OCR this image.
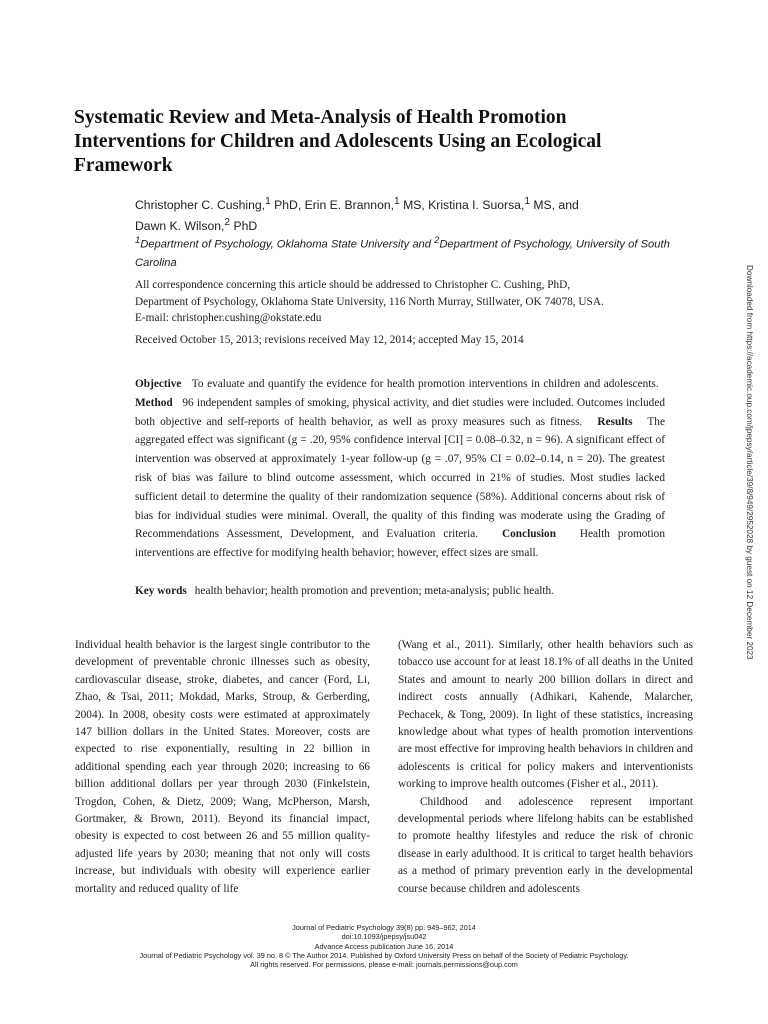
Systematic Review and Meta-Analysis of Health Promotion Interventions for Children and Adolescents Using an Ecological Framework
Christopher C. Cushing,$^1$ PhD, Erin E. Brannon,$^1$ MS, Kristina I. Suorsa,$^1$ MS, and
Dawn K. Wilson,$^2$ PhD
$^1$Department of Psychology, Oklahoma State University and $^2$Department of Psychology, University of South Carolina
All correspondence concerning this article should be addressed to Christopher C. Cushing, PhD,
Department of Psychology, Oklahoma State University, 116 North Murray, Stillwater, OK 74078, USA.
E-mail: christopher.cushing@okstate.edu
Received October 15, 2013; revisions received May 12, 2014; accepted May 15, 2014

Objective To evaluate and quantify the evidence for health promotion interventions in children and adolescents.   Method 96 independent samples of smoking, physical activity, and diet studies were included. Outcomes included both objective and self-reports of health behavior, as well as proxy measures such as fitness. Results The aggregated effect was significant (g = .20, 95% confidence interval [CI] = 0.08–0.32, n = 96). A significant effect of intervention was observed at approximately 1-year follow-up (g = .07, 95% CI = 0.02–0.14, n = 20). The greatest risk of bias was failure to blind outcome assessment, which occurred in 21% of studies. Most studies lacked sufficient detail to determine the quality of their randomization sequence (58%). Additional concerns about risk of bias for individual studies were minimal. Overall, the quality of this finding was moderate using the Grading of Recommendations Assessment, Development, and Evaluation criteria. Conclusion Health promotion interventions are effective for modifying health behavior; however, effect sizes are small.

Key words health behavior; health promotion and prevention; meta-analysis; public health.

Individual health behavior is the largest single contributor to the development of preventable chronic illnesses such as obesity, cardiovascular disease, stroke, diabetes, and cancer (Ford, Li, Zhao, & Tsai, 2011; Mokdad, Marks, Stroup, & Gerberding, 2004). In 2008, obesity costs were estimated at approximately 147 billion dollars in the United States. Moreover, costs are expected to rise exponentially, resulting in 22 billion in additional spending each year through 2020; increasing to 66 billion additional dollars per year through 2030 (Finkelstein, Trogdon, Cohen, & Dietz, 2009; Wang, McPherson, Marsh, Gortmaker, & Brown, 2011). Beyond its financial impact, obesity is expected to cost between 26 and 55 million quality-adjusted life years by 2030; meaning that not only will costs increase, but individuals with obesity will experience earlier mortality and reduced quality of life

(Wang et al., 2011). Similarly, other health behaviors such as tobacco use account for at least 18.1% of all deaths in the United States and amount to nearly 200 billion dollars in direct and indirect costs annually (Adhikari, Kahende, Malarcher, Pechacek, & Tong, 2009). In light of these statistics, increasing knowledge about what types of health promotion interventions are most effective for improving health behaviors in children and adolescents is critical for policy makers and interventionists working to improve health outcomes (Fisher et al., 2011).

Childhood and adolescence represent important developmental periods where lifelong habits can be established to promote healthy lifestyles and reduce the risk of chronic disease in early adulthood. It is critical to target health behaviors as a method of primary prevention early in the developmental course because children and adolescents

Journal of Pediatric Psychology 39(8) pp. 949–962, 2014
doi:10.1093/jpepsy/jsu042
Advance Access publication June 16, 2014
Journal of Pediatric Psychology vol. 39 no. 8 © The Author 2014. Published by Oxford University Press on behalf of the Society of Pediatric Psychology.
All rights reserved. For permissions, please e-mail: journals.permissions@oup.com
Downloaded from https://academic.oup.com/jpepsy/article/39/8/949/2952028 by guest on 12 December 2023
